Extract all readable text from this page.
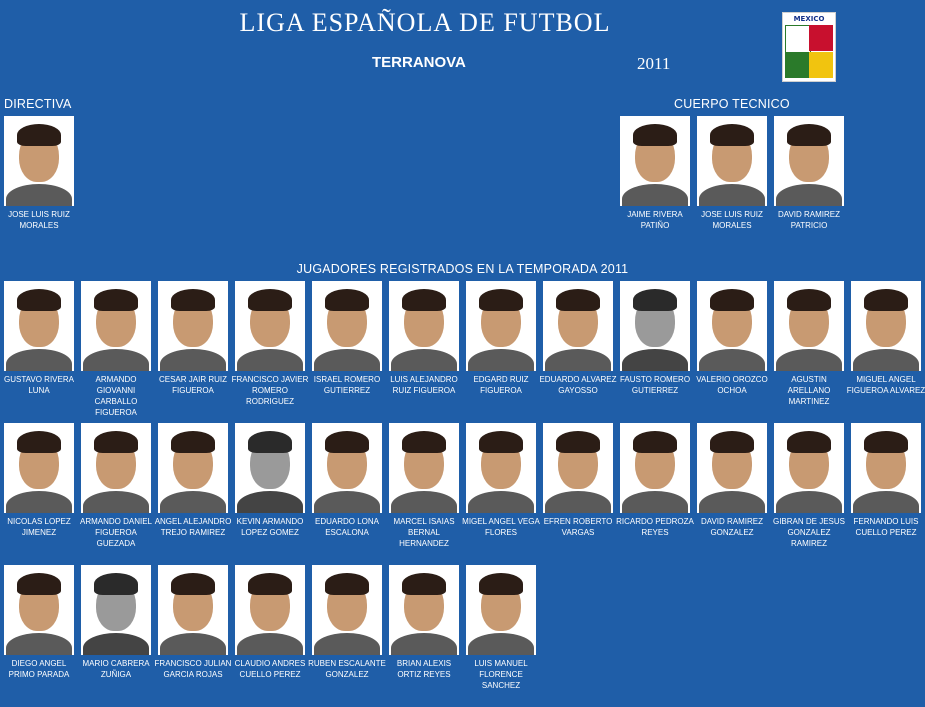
LIGA ESPAÑOLA DE FUTBOL
TERRANOVA	2011
MEXICO
DIRECTIVA	CUERPO TECNICO
JUGADORES REGISTRADOS EN LA TEMPORADA 2011
JOSE LUIS RUIZ MORALES
JAIME RIVERA PATIÑO
JOSE LUIS RUIZ MORALES
DAVID RAMIREZ PATRICIO
GUSTAVO RIVERA LUNA
ARMANDO GIOVANNI CARBALLO FIGUEROA
CESAR JAIR RUIZ FIGUEROA
FRANCISCO JAVIER ROMERO RODRIGUEZ
ISRAEL ROMERO GUTIERREZ
LUIS ALEJANDRO RUIZ FIGUEROA
EDGARD RUIZ FIGUEROA
EDUARDO ALVAREZ GAYOSSO
FAUSTO ROMERO GUTIERREZ
VALERIO OROZCO OCHOA
AGUSTIN ARELLANO MARTINEZ
MIGUEL ANGEL FIGUEROA ALVAREZ
NICOLAS LOPEZ JIMENEZ
ARMANDO DANIEL FIGUEROA GUEZADA
ANGEL ALEJANDRO TREJO RAMIREZ
KEVIN ARMANDO LOPEZ GOMEZ
EDUARDO LONA ESCALONA
MARCEL ISAIAS BERNAL HERNANDEZ
MIGEL ANGEL VEGA FLORES
EFREN ROBERTO VARGAS
RICARDO PEDROZA REYES
DAVID RAMIREZ GONZALEZ
GIBRAN DE JESUS GONZALEZ RAMIREZ
FERNANDO LUIS CUELLO PEREZ
DIEGO ANGEL PRIMO PARADA
MARIO CABRERA ZUÑIGA
FRANCISCO JULIAN GARCIA ROJAS
CLAUDIO ANDRES CUELLO PEREZ
RUBEN ESCALANTE GONZALEZ
BRIAN ALEXIS ORTIZ REYES
LUIS MANUEL FLORENCE SANCHEZ
